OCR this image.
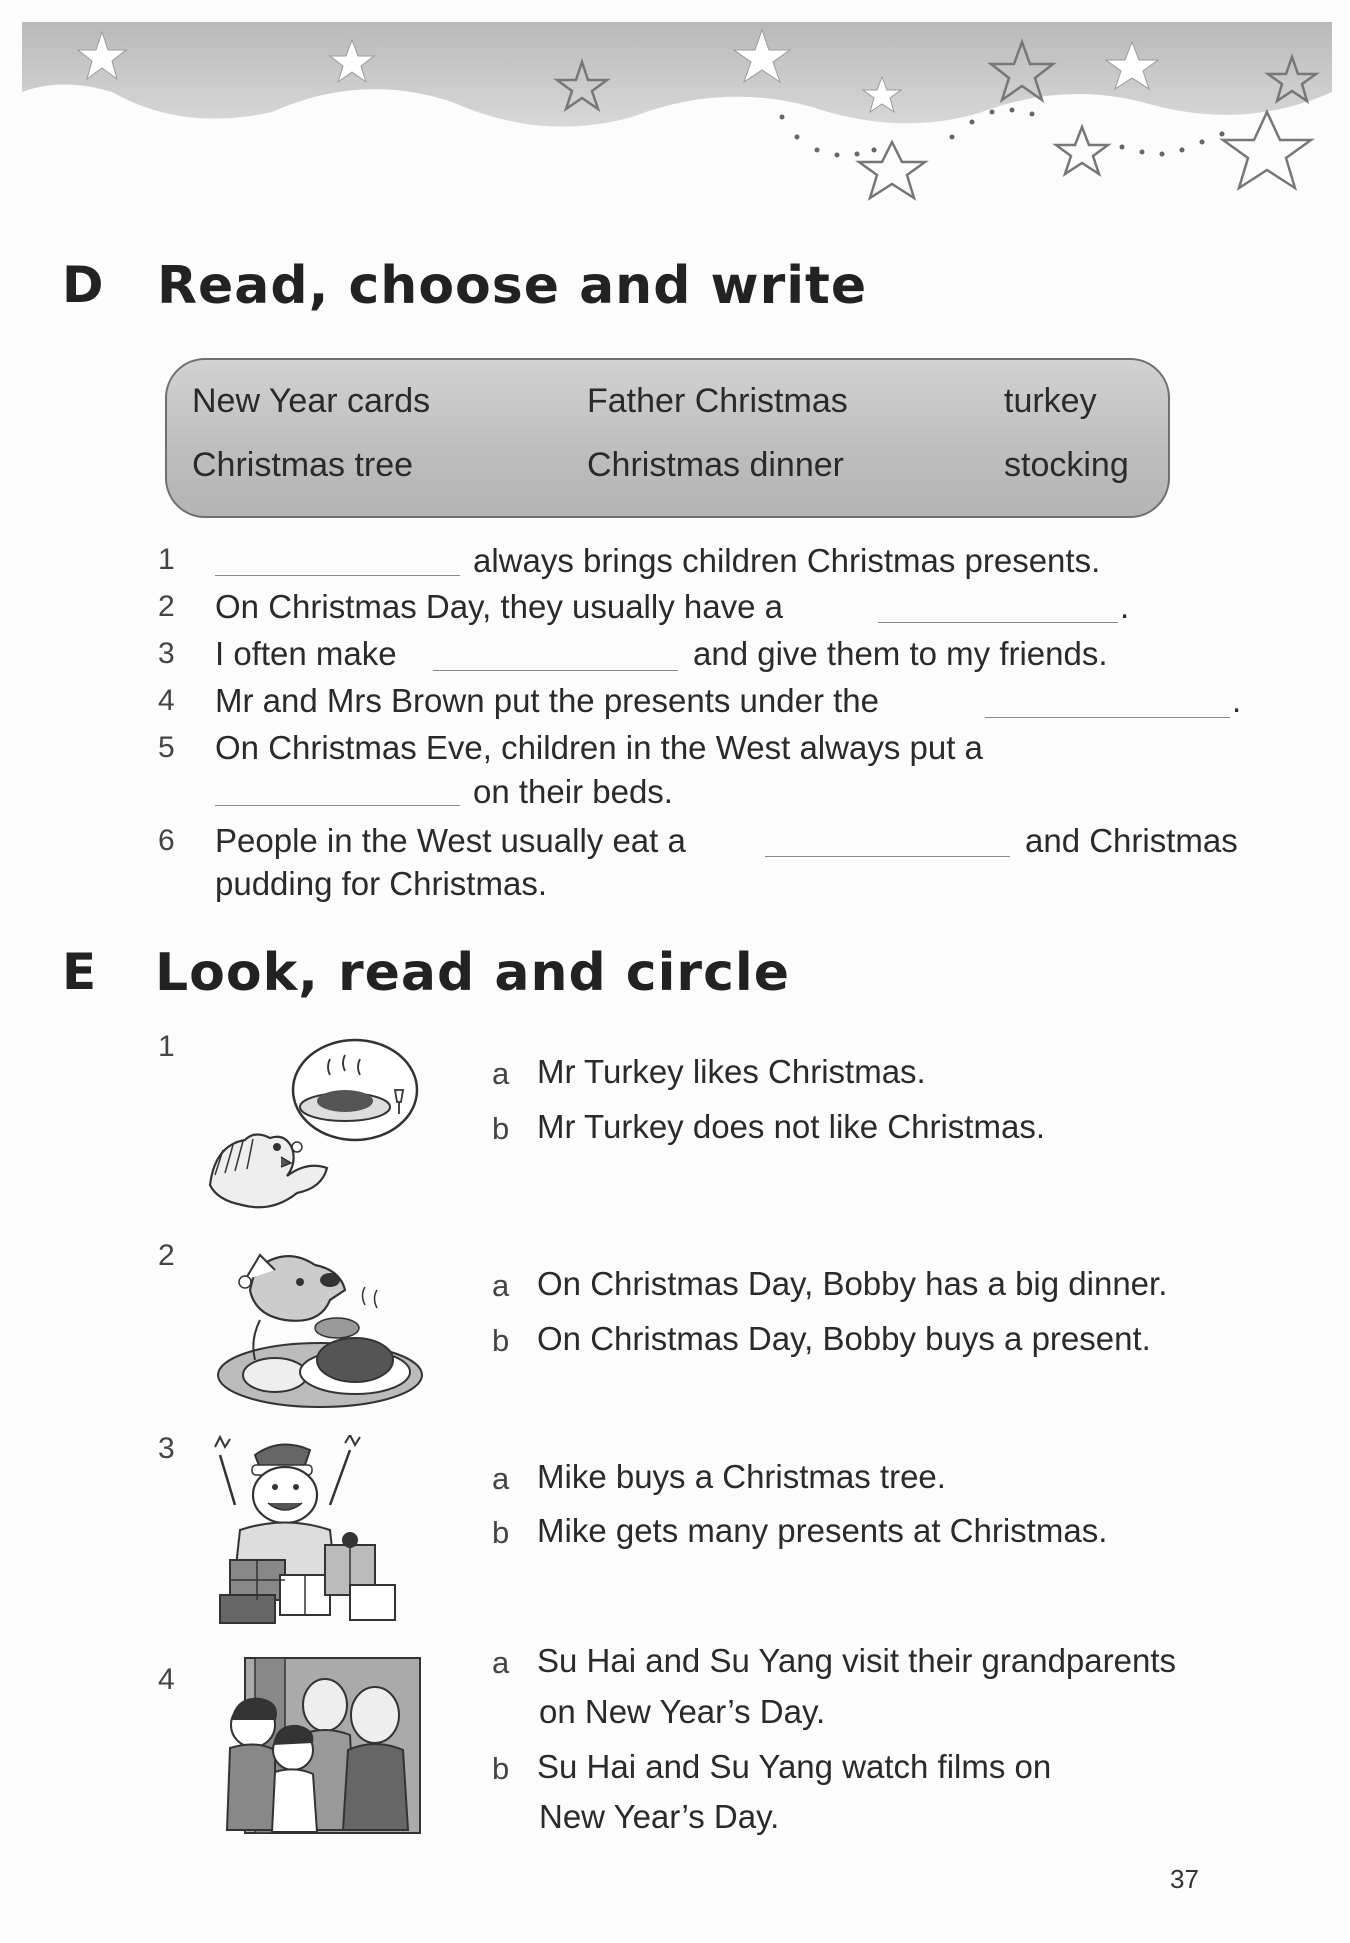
D Read, choose and write
New Year cards	Father Christmas	turkey
Christmas tree	Christmas dinner	stocking
1	always brings children Christmas presents.
2 On Christmas Day, they usually have a	.
3 I often make	and give them to my friends.
4 Mr and Mrs Brown put the presents under the	.
5 On Christmas Eve, children in the West always put a
on their beds.
6 People in the West usually eat a	and Christmas
pudding for Christmas.
E Look, read and circle
1
a Mr Turkey likes Christmas.
b Mr Turkey does not like Christmas.
2
a On Christmas Day, Bobby has a big dinner.
b On Christmas Day, Bobby buys a present.
3
a Mike buys a Christmas tree.
b Mike gets many presents at Christmas.
4	a Su Hai and Su Yang visit their grandparents
on New Year’s Day.
b Su Hai and Su Yang watch films on
New Year’s Day.
37
